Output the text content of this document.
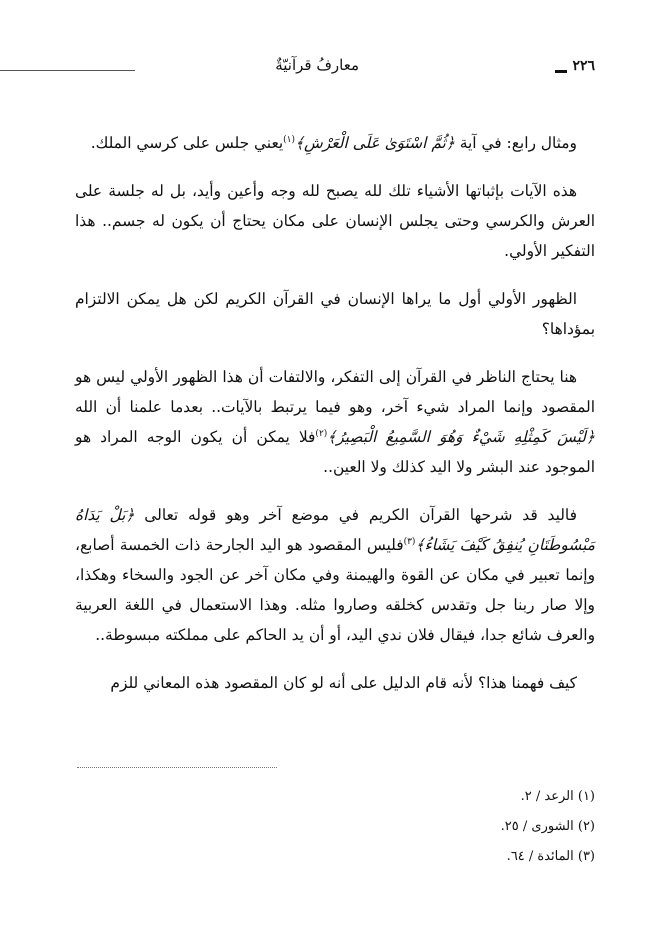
٢٢٦
معارفُ قرآنيّةٌ

ومثال رابع: في آية ﴿ثُمَّ اسْتَوَىٰ عَلَى الْعَرْشِ﴾$^{(١)}$يعني جلس على كرسي الملك.

هذه الآيات بإثباتها الأشياء تلك لله يصبح لله وجه وأعين وأيد، بل له جلسة على العرش والكرسي وحتى يجلس الإنسان على مكان يحتاج أن يكون له جسم.. هذا التفكير الأولي.

الظهور الأولي أول ما يراها الإنسان في القرآن الكريم لكن هل يمكن الالتزام بمؤداها؟

هنا يحتاج الناظر في القرآن إلى التفكر، والالتفات أن هذا الظهور الأولي ليس هو المقصود وإنما المراد شيء آخر، وهو فيما يرتبط بالآيات.. بعدما علمنا أن الله ﴿لَيْسَ كَمِثْلِهِ شَيْءٌ وَهُوَ السَّمِيعُ الْبَصِيرُ﴾$^{(٢)}$فلا يمكن أن يكون الوجه المراد هو الموجود عند البشر ولا اليد كذلك ولا العين..

فاليد قد شرحها القرآن الكريم في موضع آخر وهو قوله تعالى ﴿بَلْ يَدَاهُ مَبْسُوطَتَانِ يُنفِقُ كَيْفَ يَشَاءُ﴾$^{(٣)}$فليس المقصود هو اليد الجارحة ذات الخمسة أصابع، وإنما تعبير في مكان عن القوة والهيمنة وفي مكان آخر عن الجود والسخاء وهكذا، وإلا صار ربنا جل وتقدس كخلقه وصاروا مثله. وهذا الاستعمال في اللغة العربية والعرف شائع جدا، فيقال فلان ندي اليد، أو أن يد الحاكم على مملكته مبسوطة..

كيف فهمنا هذا؟ لأنه قام الدليل على أنه لو كان المقصود هذه المعاني للزم

(١) الرعد / ٢.

(٢) الشورى / ٢٥.

(٣) المائدة / ٦٤.
